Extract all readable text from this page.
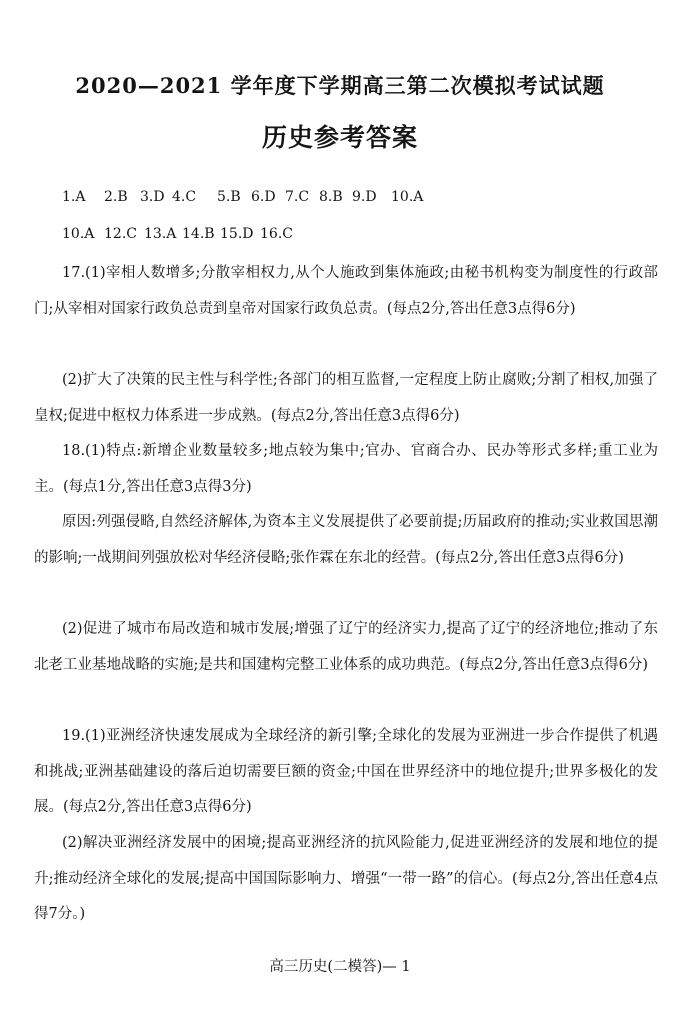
2020—2021 学年度下学期高三第二次模拟考试试题
历史参考答案
1.A 2.B 3.D 4.C 5.B 6.D 7.C 8.B 9.D 10.A
10.A 12.C 13.A 14.B 15.D 16.C

17.(1)宰相人数增多;分散宰相权力,从个人施政到集体施政;由秘书机构变为制度性的行政部门;从宰相对国家行政负总责到皇帝对国家行政负总责。(每点2分,答出任意3点得6分)

(2)扩大了决策的民主性与科学性;各部门的相互监督,一定程度上防止腐败;分割了相权,加强了皇权;促进中枢权力体系进一步成熟。(每点2分,答出任意3点得6分)

18.(1)特点:新增企业数量较多;地点较为集中;官办、官商合办、民办等形式多样;重工业为主。(每点1分,答出任意3点得3分)

原因:列强侵略,自然经济解体,为资本主义发展提供了必要前提;历届政府的推动;实业救国思潮的影响;一战期间列强放松对华经济侵略;张作霖在东北的经营。(每点2分,答出任意3点得6分)

(2)促进了城市布局改造和城市发展;增强了辽宁的经济实力,提高了辽宁的经济地位;推动了东北老工业基地战略的实施;是共和国建构完整工业体系的成功典范。(每点2分,答出任意3点得6分)

19.(1)亚洲经济快速发展成为全球经济的新引擎;全球化的发展为亚洲进一步合作提供了机遇和挑战;亚洲基础建设的落后迫切需要巨额的资金;中国在世界经济中的地位提升;世界多极化的发展。(每点2分,答出任意3点得6分)

(2)解决亚洲经济发展中的困境;提高亚洲经济的抗风险能力,促进亚洲经济的发展和地位的提升;推动经济全球化的发展;提高中国国际影响力、增强“一带一路”的信心。(每点2分,答出任意4点得7分。)

高三历史(二模答)— 1
